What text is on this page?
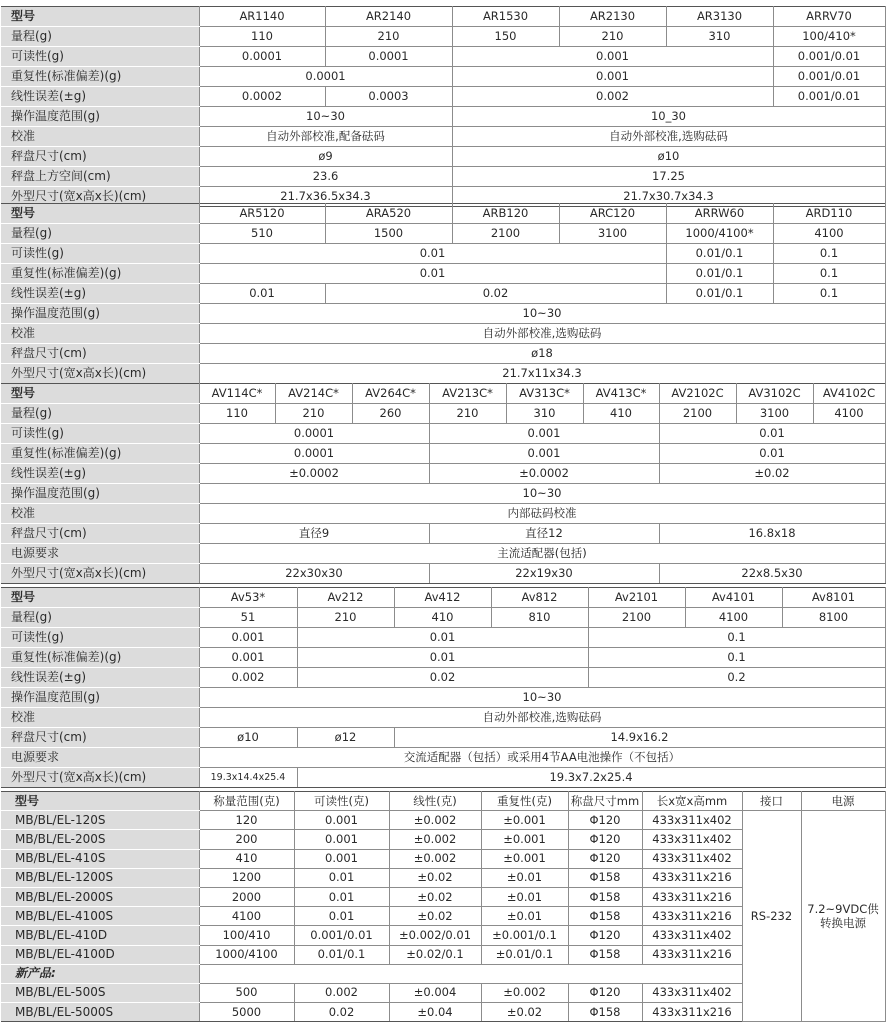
型号	AR1140	AR2140	AR1530	AR2130	AR3130	ARRV70
量程(g)	110	210	150	210	310	100/410*
可读性(g)	0.0001	0.0001	0.001			0.001/0.01
重复性(标准偏差)(g)	0.0001		0.001			0.001/0.01
线性误差(±g)	0.0002	0.0003	0.002			0.001/0.01
操作温度范围(g)	10~30		10_30			
校准	自动外部校准,配备砝码		自动外部校准,选购砝码			
秤盘尺寸(cm)	ø9		ø10			
秤盘上方空间(cm)	23.6		17.25			
外型尺寸(宽x高x长)(cm)	21.7x36.5x34.3		21.7x30.7x34.3			
型号	AR5120	ARA520	ARB120	ARC120	ARRW60	ARD110
量程(g)	510	1500	2100	3100	1000/4100*	4100
可读性(g)	0.01				0.01/0.1	0.1
重复性(标准偏差)(g)	0.01				0.01/0.1	0.1
线性误差(±g)	0.01	0.02			0.01/0.1	0.1
操作温度范围(g)	10~30					
校准	自动外部校准,选购砝码					
秤盘尺寸(cm)	ø18					
外型尺寸(宽x高x长)(cm)	21.7x11x34.3					
型号	AV114C*	AV214C*	AV264C*	AV213C*	AV313C*	AV413C*	AV2102C	AV3102C	AV4102C
量程(g)	110	210	260	210	310	410	2100	3100	4100
可读性(g)	0.0001			0.001			0.01		
重复性(标准偏差)(g)	0.0001			0.001			0.01		
线性误差(±g)	±0.0002			±0.0002			±0.02		
操作温度范围(g)	10~30								
校准	内部砝码校准								
秤盘尺寸(cm)	直径9			直径12			16.8x18		
电源要求	主流适配器(包括)								
外型尺寸(宽x高x长)(cm)	22x30x30			22x19x30			22x8.5x30		
型号	Av53*	Av212	Av412	Av812	Av2101	Av4101	Av8101
量程(g)	51	210	410	810	2100	4100	8100
可读性(g)	0.001	0.01			0.1		
重复性(标准偏差)(g)	0.001	0.01			0.1		
线性误差(±g)	0.002	0.02			0.2		
操作温度范围(g)	10~30						
校准	自动外部校准,选购砝码						
秤盘尺寸(cm)	ø10	ø12	14.9x16.2				
电源要求	交流适配器（包括）或采用4节AA电池操作（不包括）						
外型尺寸(宽x高x长)(cm)	19.3x14.4x25.4	19.3x7.2x25.4					
型号	称量范围(克)	可读性(克)	线性(克)	重复性(克)	称盘尺寸mm	长x宽x高mm	接口	电源
MB/BL/EL-120S	120	0.001	±0.002	±0.001	Φ120	433x311x402	RS-232	7.2~9VDC供转换电源
MB/BL/EL-200S	200	0.001	±0.002	±0.001	Φ120	433x311x402		
MB/BL/EL-410S	410	0.001	±0.002	±0.001	Φ120	433x311x402		
MB/BL/EL-1200S	1200	0.01	±0.02	±0.01	Φ158	433x311x216		
MB/BL/EL-2000S	2000	0.01	±0.02	±0.01	Φ158	433x311x216		
MB/BL/EL-4100S	4100	0.01	±0.02	±0.01	Φ158	433x311x216		
MB/BL/EL-410D	100/410	0.001/0.01	±0.002/0.01	±0.001/0.1	Φ120	433x311x402		
MB/BL/EL-4100D	1000/4100	0.01/0.1	±0.02/0.1	±0.01/0.1	Φ158	433x311x216		
新产品:								
MB/BL/EL-500S	500	0.002	±0.004	±0.002	Φ120	433x311x402		
MB/BL/EL-5000S	5000	0.02	±0.04	±0.02	Φ158	433x311x216		
